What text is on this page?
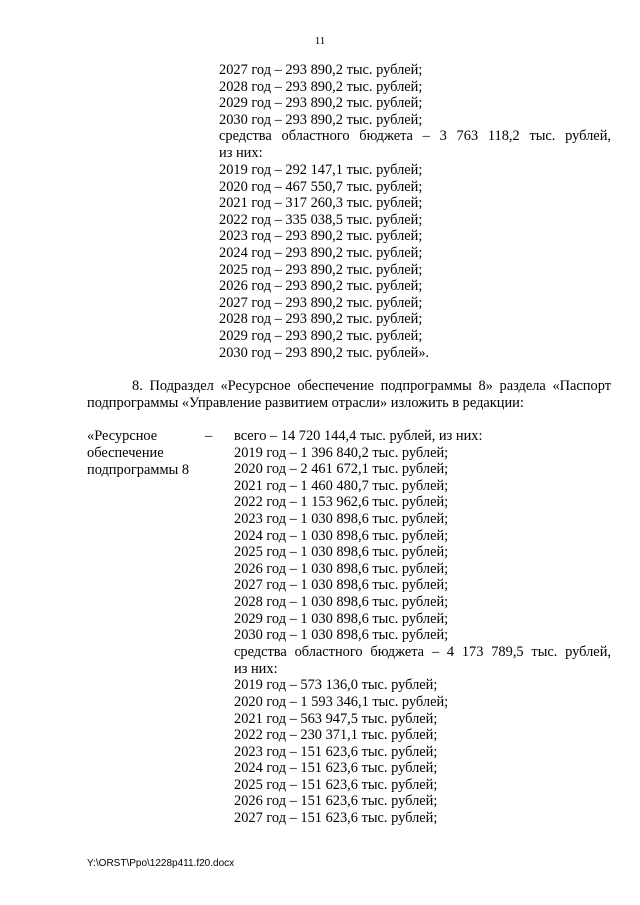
11
2027 год – 293 890,2 тыс. рублей;
2028 год – 293 890,2 тыс. рублей;
2029 год – 293 890,2 тыс. рублей;
2030 год – 293 890,2 тыс. рублей;
средства областного бюджета – 3 763 118,2 тыс. рублей,
из них:
2019 год – 292 147,1 тыс. рублей;
2020 год – 467 550,7 тыс. рублей;
2021 год – 317 260,3 тыс. рублей;
2022 год – 335 038,5 тыс. рублей;
2023 год – 293 890,2 тыс. рублей;
2024 год – 293 890,2 тыс. рублей;
2025 год – 293 890,2 тыс. рублей;
2026 год – 293 890,2 тыс. рублей;
2027 год – 293 890,2 тыс. рублей;
2028 год – 293 890,2 тыс. рублей;
2029 год – 293 890,2 тыс. рублей;
2030 год – 293 890,2 тыс. рублей».
8. Подраздел «Ресурсное обеспечение подпрограммы 8» раздела «Паспорт
подпрограммы «Управление развитием отрасли» изложить в редакции:
«Ресурсное
обеспечение
подпрограммы 8
–	всего – 14 720 144,4 тыс. рублей, из них:
2019 год – 1 396 840,2 тыс. рублей;
2020 год – 2 461 672,1 тыс. рублей;
2021 год – 1 460 480,7 тыс. рублей;
2022 год – 1 153 962,6 тыс. рублей;
2023 год – 1 030 898,6 тыс. рублей;
2024 год – 1 030 898,6 тыс. рублей;
2025 год – 1 030 898,6 тыс. рублей;
2026 год – 1 030 898,6 тыс. рублей;
2027 год – 1 030 898,6 тыс. рублей;
2028 год – 1 030 898,6 тыс. рублей;
2029 год – 1 030 898,6 тыс. рублей;
2030 год – 1 030 898,6 тыс. рублей;
средства областного бюджета – 4 173 789,5 тыс. рублей,
из них:
2019 год – 573 136,0 тыс. рублей;
2020 год – 1 593 346,1 тыс. рублей;
2021 год – 563 947,5 тыс. рублей;
2022 год – 230 371,1 тыс. рублей;
2023 год – 151 623,6 тыс. рублей;
2024 год – 151 623,6 тыс. рублей;
2025 год – 151 623,6 тыс. рублей;
2026 год – 151 623,6 тыс. рублей;
2027 год – 151 623,6 тыс. рублей;
Y:\ORST\Ppo\1228p411.f20.docx
